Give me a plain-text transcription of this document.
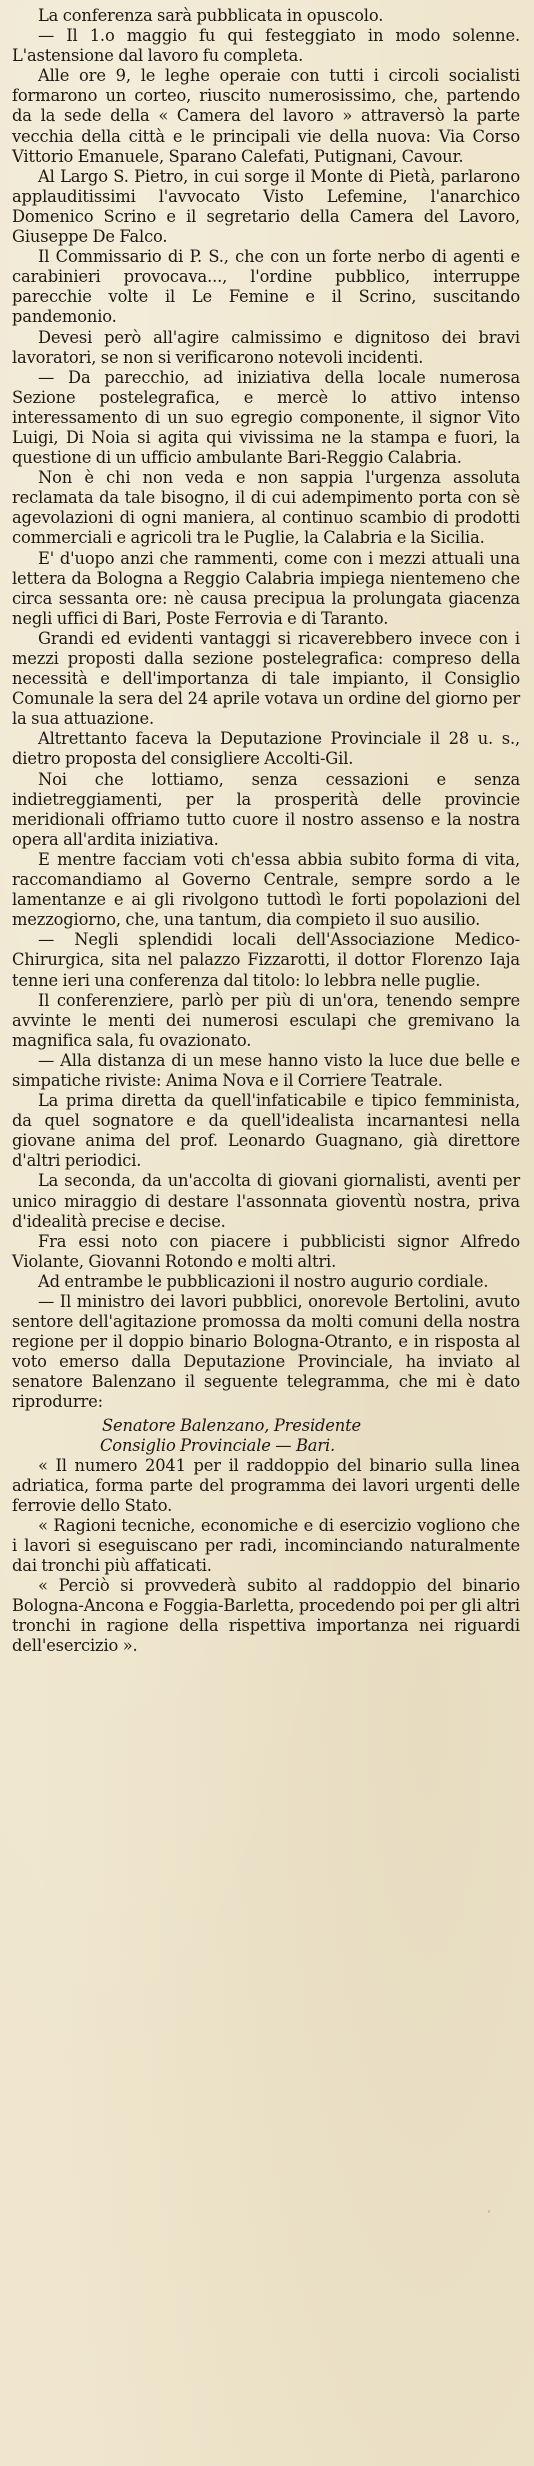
La conferenza sarà pubblicata in opuscolo.

— Il 1.o maggio fu qui festeggiato in modo solenne. L'astensione dal lavoro fu completa.

Alle ore 9, le leghe operaie con tutti i circoli socialisti formarono un corteo, riuscito numerosissimo, che, partendo da la sede della « Camera del lavoro » attraversò la parte vecchia della città e le principali vie della nuova: Via Corso Vittorio Emanuele, Sparano Calefati, Putignani, Cavour.

Al Largo S. Pietro, in cui sorge il Monte di Pietà, parlarono applauditissimi l'avvocato Visto Lefemine, l'anarchico Domenico Scrino e il segretario della Camera del Lavoro, Giuseppe De Falco.

Il Commissario di P. S., che con un forte nerbo di agenti e carabinieri provocava..., l'ordine pubblico, interruppe parecchie volte il Le Femine e il Scrino, suscitando pandemonio.

Devesi però all'agire calmissimo e dignitoso dei bravi lavoratori, se non si verificarono notevoli incidenti.

— Da parecchio, ad iniziativa della locale numerosa Sezione postelegrafica, e mercè lo attivo intenso interessamento di un suo egregio componente, il signor Vito Luigi, Di Noia si agita qui vivissima ne la stampa e fuori, la questione di un ufficio ambulante Bari-Reggio Calabria.

Non è chi non veda e non sappia l'urgenza assoluta reclamata da tale bisogno, il di cui adempimento porta con sè agevolazioni di ogni maniera, al continuo scambio di prodotti commerciali e agricoli tra le Puglie, la Calabria e la Sicilia.

E' d'uopo anzi che rammenti, come con i mezzi attuali una lettera da Bologna a Reggio Calabria impiega nientemeno che circa sessanta ore: nè causa precipua la prolungata giacenza negli uffici di Bari, Poste Ferrovia e di Taranto.

Grandi ed evidenti vantaggi si ricaverebbero invece con i mezzi proposti dalla sezione postelegrafica: compreso della necessità e dell'importanza di tale impianto, il Consiglio Comunale la sera del 24 aprile votava un ordine del giorno per la sua attuazione.

Altrettanto faceva la Deputazione Provinciale il 28 u. s., dietro proposta del consigliere Accolti-Gil.

Noi che lottiamo, senza cessazioni e senza indietreggiamenti, per la prosperità delle provincie meridionali offriamo tutto cuore il nostro assenso e la nostra opera all'ardita iniziativa.

E mentre facciam voti ch'essa abbia subito forma di vita, raccomandiamo al Governo Centrale, sempre sordo a le lamentanze e ai gli rivolgono tuttodì le forti popolazioni del mezzogiorno, che, una tantum, dia compieto il suo ausilio.

— Negli splendidi locali dell'Associazione Medico-Chirurgica, sita nel palazzo Fizzarotti, il dottor Florenzo Iaja tenne ieri una conferenza dal titolo: lo lebbra nelle puglie.

Il conferenziere, parlò per più di un'ora, tenendo sempre avvinte le menti dei numerosi esculapi che gremivano la magnifica sala, fu ovazionato.

— Alla distanza di un mese hanno visto la luce due belle e simpatiche riviste: Anima Nova e il Corriere Teatrale.

La prima diretta da quell'infaticabile e tipico femminista, da quel sognatore e da quell'idealista incarnantesi nella giovane anima del prof. Leonardo Guagnano, già direttore d'altri periodici.

La seconda, da un'accolta di giovani giornalisti, aventi per unico miraggio di destare l'assonnata gioventù nostra, priva d'idealità precise e decise.

Fra essi noto con piacere i pubblicisti signor Alfredo Violante, Giovanni Rotondo e molti altri.

Ad entrambe le pubblicazioni il nostro augurio cordiale.

— Il ministro dei lavori pubblici, onorevole Bertolini, avuto sentore dell'agitazione promossa da molti comuni della nostra regione per il doppio binario Bologna-Otranto, e in risposta al voto emerso dalla Deputazione Provinciale, ha inviato al senatore Balenzano il seguente telegramma, che mi è dato riprodurre:

Senatore Balenzano, Presidente
Consiglio Provinciale — Bari.

« Il numero 2041 per il raddoppio del binario sulla linea adriatica, forma parte del programma dei lavori urgenti delle ferrovie dello Stato.

« Ragioni tecniche, economiche e di esercizio vogliono che i lavori si eseguiscano per radi, incominciando naturalmente dai tronchi più affaticati.

« Perciò si provvederà subito al raddoppio del binario Bologna-Ancona e Foggia-Barletta, procedendo poi per gli altri tronchi in ragione della rispettiva importanza nei riguardi dell'esercizio ».
